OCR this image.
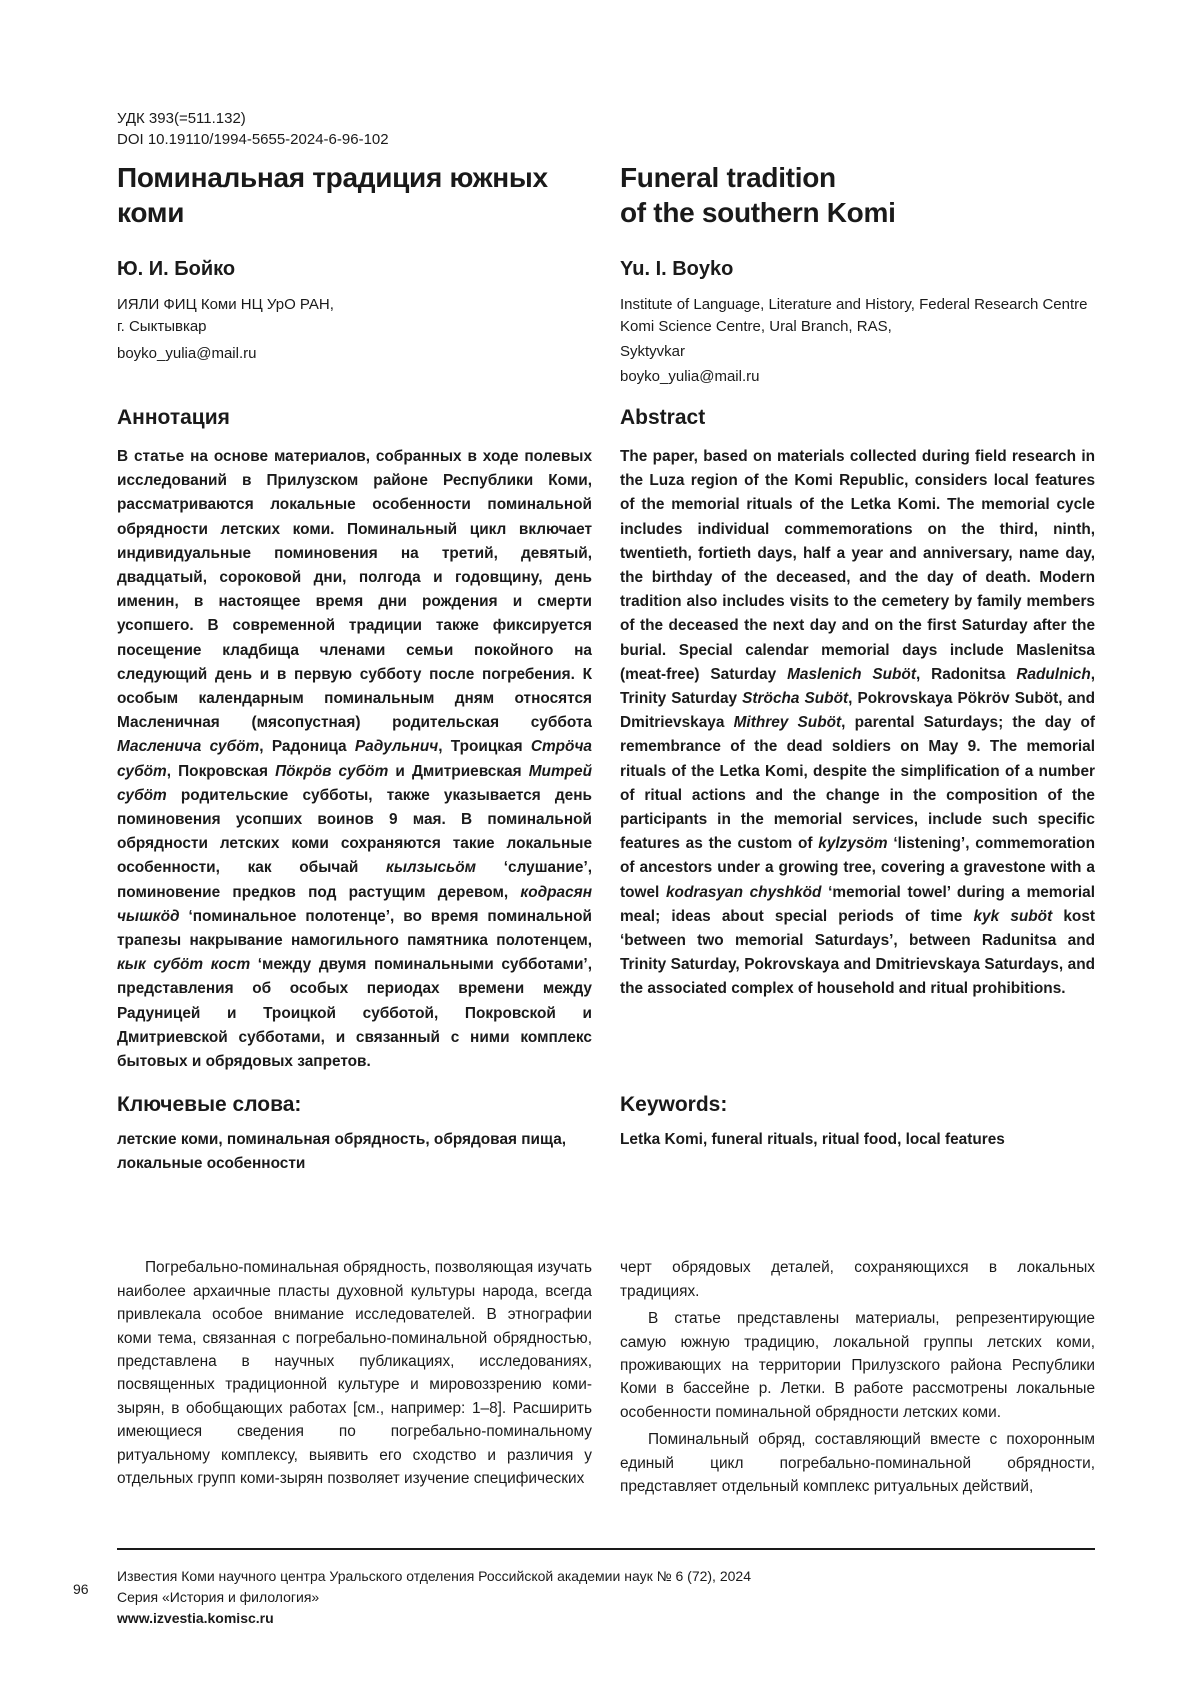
УДК 393(=511.132)
DOI 10.19110/1994-5655-2024-6-96-102
Поминальная традиция южных коми
Funeral tradition
of the southern Komi

Ю. И. Бойко

ИЯЛИ ФИЦ Коми НЦ УрО РАН,

г. Сыктывкар

boyko_yulia@mail.ru

Yu. I. Boyko

Institute of Language, Literature and History, Federal Research Centre Komi Science Centre, Ural Branch, RAS,

Syktyvkar

boyko_yulia@mail.ru

Аннотация

В статье на основе материалов, собранных в ходе полевых исследований в Прилузском районе Республики Коми, рассматриваются локальные особенности поминальной обрядности летских коми. Поминальный цикл включает индивидуальные поминовения на третий, девятый, двадцатый, сороковой дни, полгода и годовщину, день именин, в настоящее время дни рождения и смерти усопшего. В современной традиции также фиксируется посещение кладбища членами семьи покойного на следующий день и в первую субботу после погребения. К особым календарным поминальным дням относятся Масленичная (мясопустная) родительская суббота Масленича субӧт, Радоница Радульнич, Троицкая Стрӧча субӧт, Покровская Пӧкрӧв субӧт и Дмитриевская Митрей субӧт родительские субботы, также указывается день поминовения усопших воинов 9 мая. В поминальной обрядности летских коми сохраняются такие локальные особенности, как обычай кылзысьӧм ‘слушание’, поминовение предков под растущим деревом, кодрасян чышкӧд ‘поминальное полотенце’, во время поминальной трапезы накрывание намогильного памятника полотенцем, кык субӧт кост ‘между двумя поминальными субботами’, представления об особых периодах времени между Радуницей и Троицкой субботой, Покровской и Дмитриевской субботами, и связанный с ними комплекс бытовых и обрядовых запретов.

Abstract

The paper, based on materials collected during field research in the Luza region of the Komi Republic, considers local features of the memorial rituals of the Letka Komi. The memorial cycle includes individual commemorations on the third, ninth, twentieth, fortieth days, half a year and anniversary, name day, the birthday of the deceased, and the day of death. Modern tradition also includes visits to the cemetery by family members of the deceased the next day and on the first Saturday after the burial. Special calendar memorial days include Maslenitsa (meat-free) Saturday Maslenich Subӧt, Radonitsa Radulnich, Trinity Saturday Strӧcha Subӧt, Pokrovskaya Pӧkrӧv Subӧt, and Dmitrievskaya Mithrey Subӧt, parental Saturdays; the day of remembrance of the dead soldiers on May 9. The memorial rituals of the Letka Komi, despite the simplification of a number of ritual actions and the change in the composition of the participants in the memorial services, include such specific features as the custom of kylzysӧm ‘listening’, commemoration of ancestors under a growing tree, covering a gravestone with a towel kodrasyan chyshkӧd ‘memorial towel’ during a memorial meal; ideas about special periods of time kyk subӧt kost ‘between two memorial Saturdays’, between Radunitsa and Trinity Saturday, Pokrovskaya and Dmitrievskaya Saturdays, and the associated complex of household and ritual prohibitions.

Ключевые слова:

летские коми, поминальная обрядность, обрядовая пища, локальные особенности

Keywords:

Letka Komi, funeral rituals, ritual food, local features

Погребально-поминальная обрядность, позволяющая изучать наиболее архаичные пласты духовной культуры народа, всегда привлекала особое внимание исследователей. В этнографии коми тема, связанная с погребально-поминальной обрядностью, представлена в научных публикациях, исследованиях, посвященных традиционной культуре и мировоззрению коми-зырян, в обобщающих работах [см., например: 1–8]. Расширить имеющиеся сведения по погребально-поминальному ритуальному комплексу, выявить его сходство и различия у отдельных групп коми-зырян позволяет изучение специфических

черт обрядовых деталей, сохраняющихся в локальных традициях.

В статье представлены материалы, репрезентирующие самую южную традицию, локальной группы летских коми, проживающих на территории Прилузского района Республики Коми в бассейне р. Летки. В работе рассмотрены локальные особенности поминальной обрядности летских коми.

Поминальный обряд, составляющий вместе с похоронным единый цикл погребально-поминальной обрядности, представляет отдельный комплекс ритуальных действий,

96
Известия Коми научного центра Уральского отделения Российской академии наук № 6 (72), 2024
Серия «История и филология»
www.izvestia.komisc.ru
